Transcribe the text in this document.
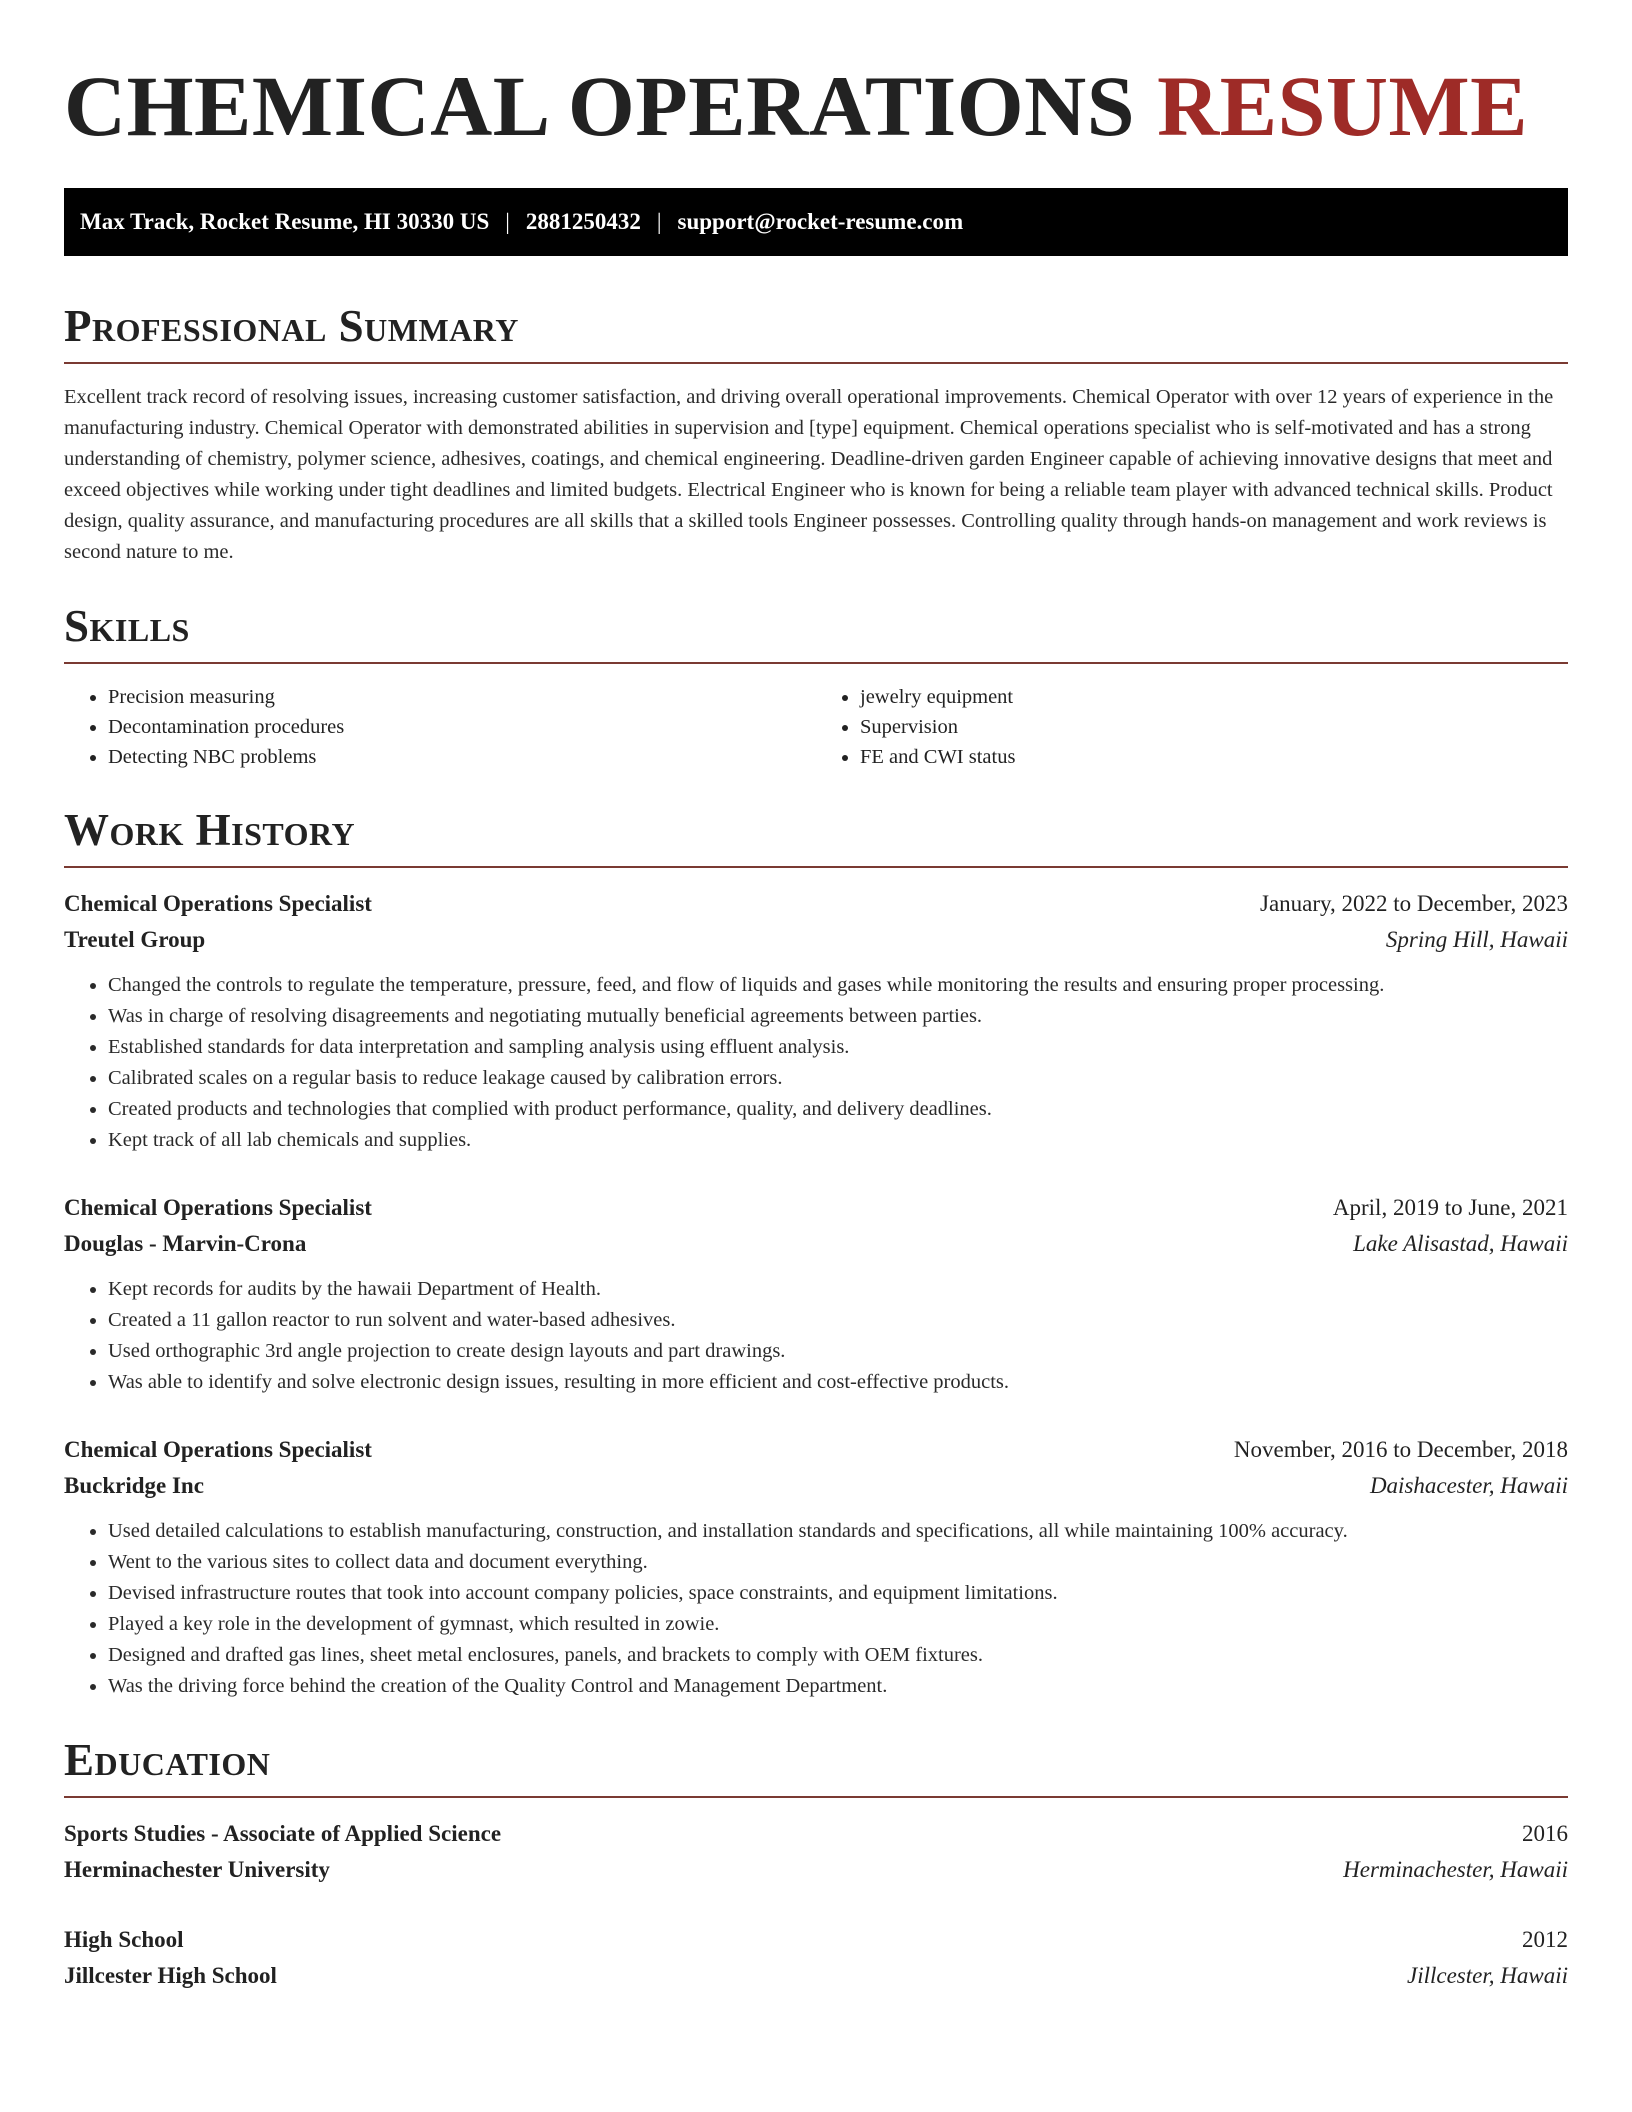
CHEMICAL OPERATIONS RESUME
Max Track, Rocket Resume, HI 30330 US | 2881250432 | support@rocket-resume.com
Professional Summary

Excellent track record of resolving issues, increasing customer satisfaction, and driving overall operational improvements. Chemical Operator with over 12 years of experience in the manufacturing industry. Chemical Operator with demonstrated abilities in supervision and [type] equipment. Chemical operations specialist who is self-motivated and has a strong understanding of chemistry, polymer science, adhesives, coatings, and chemical engineering. Deadline-driven garden Engineer capable of achieving innovative designs that meet and exceed objectives while working under tight deadlines and limited budgets. Electrical Engineer who is known for being a reliable team player with advanced technical skills. Product design, quality assurance, and manufacturing procedures are all skills that a skilled tools Engineer possesses. Controlling quality through hands-on management and work reviews is second nature to me.

Skills
• Precision measuring
• Decontamination procedures
• Detecting NBC problems
• jewelry equipment
• Supervision
• FE and CWI status
Work History
Chemical Operations Specialist	January, 2022 to December, 2023
Treutel Group	Spring Hill, Hawaii
• Changed the controls to regulate the temperature, pressure, feed, and flow of liquids and gases while monitoring the results and ensuring proper processing.
• Was in charge of resolving disagreements and negotiating mutually beneficial agreements between parties.
• Established standards for data interpretation and sampling analysis using effluent analysis.
• Calibrated scales on a regular basis to reduce leakage caused by calibration errors.
• Created products and technologies that complied with product performance, quality, and delivery deadlines.
• Kept track of all lab chemicals and supplies.
Chemical Operations Specialist	April, 2019 to June, 2021
Douglas - Marvin-Crona	Lake Alisastad, Hawaii
• Kept records for audits by the hawaii Department of Health.
• Created a 11 gallon reactor to run solvent and water-based adhesives.
• Used orthographic 3rd angle projection to create design layouts and part drawings.
• Was able to identify and solve electronic design issues, resulting in more efficient and cost-effective products.
Chemical Operations Specialist	November, 2016 to December, 2018
Buckridge Inc	Daishacester, Hawaii
• Used detailed calculations to establish manufacturing, construction, and installation standards and specifications, all while maintaining 100% accuracy.
• Went to the various sites to collect data and document everything.
• Devised infrastructure routes that took into account company policies, space constraints, and equipment limitations.
• Played a key role in the development of gymnast, which resulted in zowie.
• Designed and drafted gas lines, sheet metal enclosures, panels, and brackets to comply with OEM fixtures.
• Was the driving force behind the creation of the Quality Control and Management Department.
Education
Sports Studies - Associate of Applied Science	2016
Herminachester University	Herminachester, Hawaii
High School	2012
Jillcester High School	Jillcester, Hawaii
